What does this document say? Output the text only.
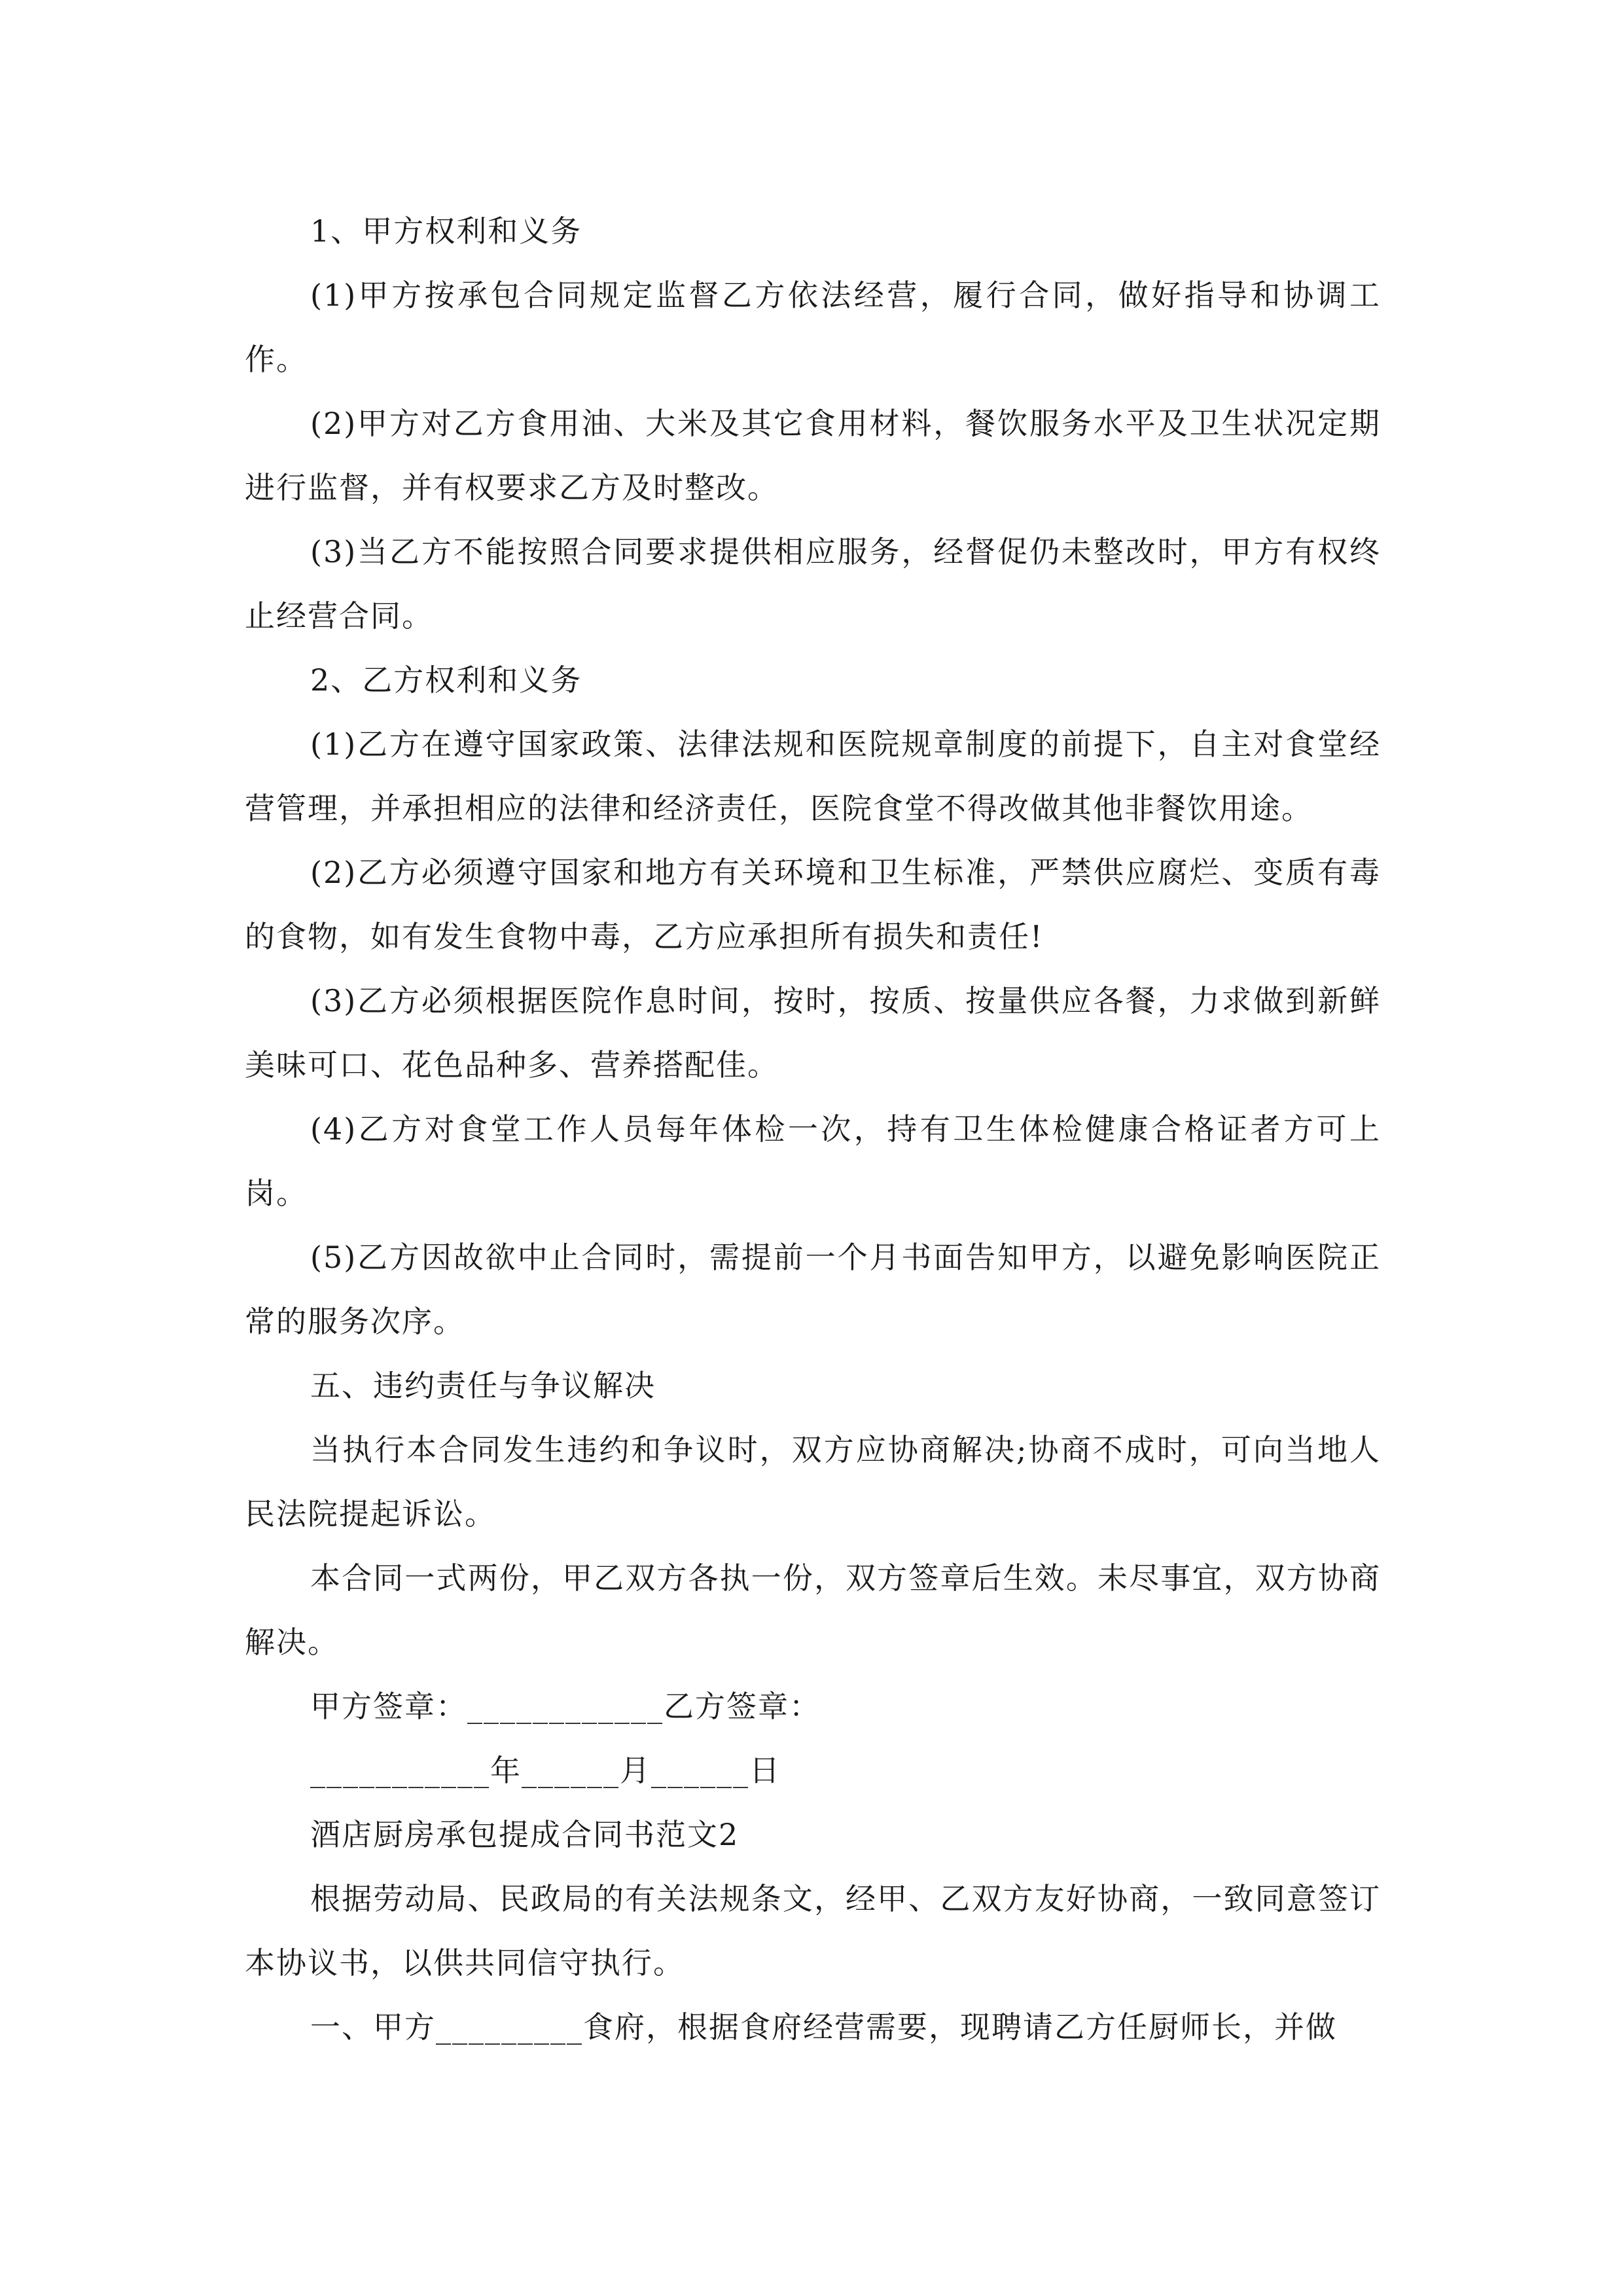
1、甲方权利和义务

(1)甲方按承包合同规定监督乙方依法经营，履行合同，做好指导和协调工作。

(2)甲方对乙方食用油、大米及其它食用材料，餐饮服务水平及卫生状况定期进行监督，并有权要求乙方及时整改。

(3)当乙方不能按照合同要求提供相应服务，经督促仍未整改时，甲方有权终止经营合同。

2、乙方权利和义务

(1)乙方在遵守国家政策、法律法规和医院规章制度的前提下，自主对食堂经营管理，并承担相应的法律和经济责任，医院食堂不得改做其他非餐饮用途。

(2)乙方必须遵守国家和地方有关环境和卫生标准，严禁供应腐烂、变质有毒的食物，如有发生食物中毒，乙方应承担所有损失和责任!

(3)乙方必须根据医院作息时间，按时，按质、按量供应各餐，力求做到新鲜美味可口、花色品种多、营养搭配佳。

(4)乙方对食堂工作人员每年体检一次，持有卫生体检健康合格证者方可上岗。

(5)乙方因故欲中止合同时，需提前一个月书面告知甲方，以避免影响医院正常的服务次序。

五、违约责任与争议解决

当执行本合同发生违约和争议时，双方应协商解决;协商不成时，可向当地人民法院提起诉讼。

本合同一式两份，甲乙双方各执一份，双方签章后生效。未尽事宜，双方协商解决。

甲方签章：____________乙方签章：

___________年______月______日

酒店厨房承包提成合同书范文2

根据劳动局、民政局的有关法规条文，经甲、乙双方友好协商，一致同意签订本协议书，以供共同信守执行。

一、甲方_________食府，根据食府经营需要，现聘请乙方任厨师长，并做
